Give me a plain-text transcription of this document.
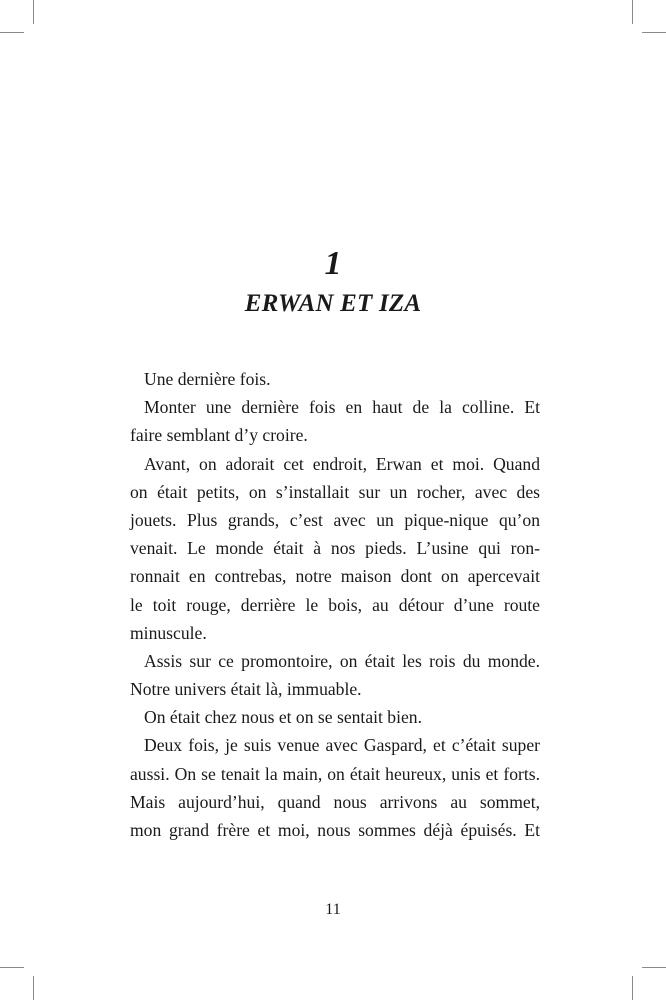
1
ERWAN ET IZA
Une dernière fois.
Monter une dernière fois en haut de la colline. Et
faire semblant d’y croire.
Avant, on adorait cet endroit, Erwan et moi. Quand
on était petits, on s’installait sur un rocher, avec des
jouets. Plus grands, c’est avec un pique-nique qu’on
venait. Le monde était à nos pieds. L’usine qui ron-
ronnait en contrebas, notre maison dont on apercevait
le toit rouge, derrière le bois, au détour d’une route
minuscule.
Assis sur ce promontoire, on était les rois du monde.
Notre univers était là, immuable.
On était chez nous et on se sentait bien.
Deux fois, je suis venue avec Gaspard, et c’était super
aussi. On se tenait la main, on était heureux, unis et forts.
Mais aujourd’hui, quand nous arrivons au sommet,
mon grand frère et moi, nous sommes déjà épuisés. Et
11
